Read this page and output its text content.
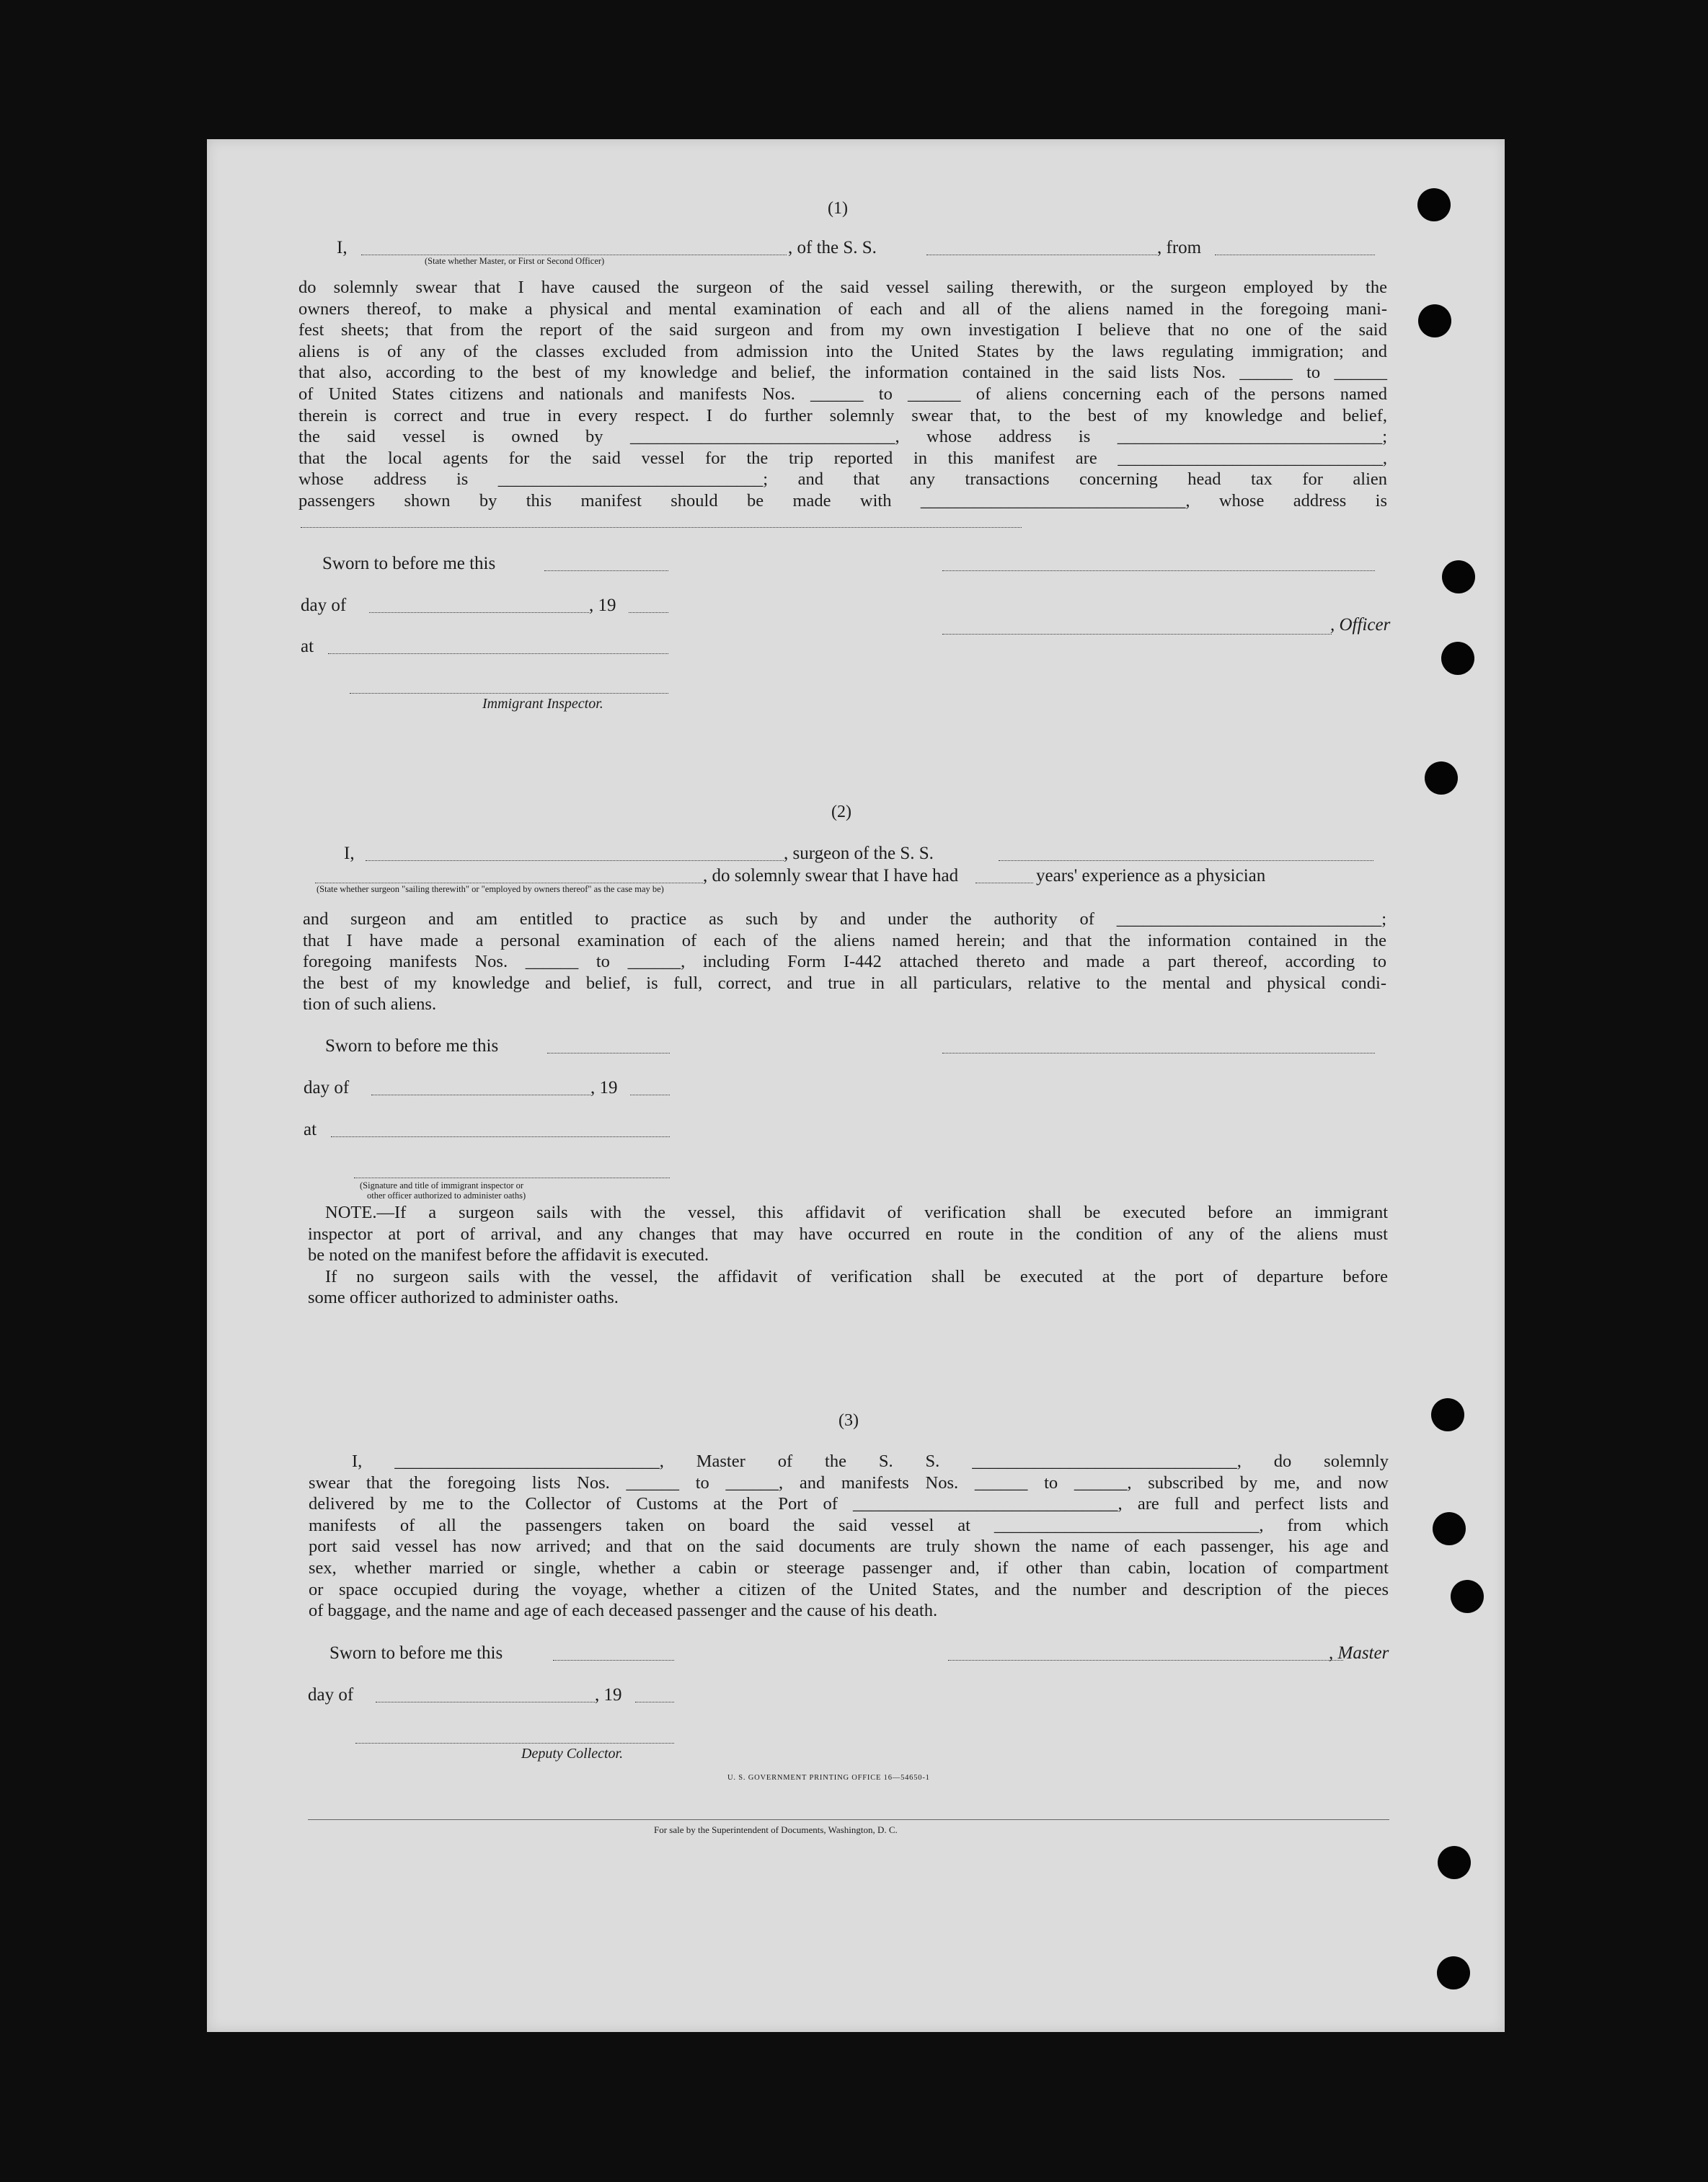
(1)
I,	, of the S. S.	, from
(State whether Master, or First or Second Officer)
do solemnly swear that I have caused the surgeon of the said vessel sailing therewith, or the surgeon employed by the
owners thereof, to make a physical and mental examination of each and all of the aliens named in the foregoing mani-
fest sheets; that from the report of the said surgeon and from my own investigation I believe that no one of the said
aliens is of any of the classes excluded from admission into the United States by the laws regulating immigration; and
that also, according to the best of my knowledge and belief, the information contained in the said lists Nos. ______ to ______
of United States citizens and nationals and manifests Nos. ______ to ______ of aliens concerning each of the persons named
therein is correct and true in every respect. I do further solemnly swear that, to the best of my knowledge and belief,
the said vessel is owned by ______________________________, whose address is ______________________________;
that the local agents for the said vessel for the trip reported in this manifest are ______________________________,
whose address is ______________________________; and that any transactions concerning head tax for alien
passengers shown by this manifest should be made with ______________________________, whose address is
Sworn to before me this
day of	, 19
, Officer
at
Immigrant Inspector.
(2)
I,	, surgeon of the S. S.
, do solemnly swear that I have had	years' experience as a physician
(State whether surgeon "sailing therewith" or "employed by owners thereof" as the case may be)
and surgeon and am entitled to practice as such by and under the authority of ______________________________;
that I have made a personal examination of each of the aliens named herein; and that the information contained in the
foregoing manifests Nos. ______ to ______, including Form I-442 attached thereto and made a part thereof, according to
the best of my knowledge and belief, is full, correct, and true in all particulars, relative to the mental and physical condi-
tion of such aliens.
Sworn to before me this
day of	, 19
at
(Signature and title of immigrant inspector or
other officer authorized to administer oaths)
NOTE.—If a surgeon sails with the vessel, this affidavit of verification shall be executed before an immigrant
inspector at port of arrival, and any changes that may have occurred en route in the condition of any of the aliens must
be noted on the manifest before the affidavit is executed.
If no surgeon sails with the vessel, the affidavit of verification shall be executed at the port of departure before
some officer authorized to administer oaths.
(3)
I, ______________________________, Master of the S. S. ______________________________, do solemnly
swear that the foregoing lists Nos. ______ to ______, and manifests Nos. ______ to ______, subscribed by me, and now
delivered by me to the Collector of Customs at the Port of ______________________________, are full and perfect lists and
manifests of all the passengers taken on board the said vessel at ______________________________, from which
port said vessel has now arrived; and that on the said documents are truly shown the name of each passenger, his age and
sex, whether married or single, whether a cabin or steerage passenger and, if other than cabin, location of compartment
or space occupied during the voyage, whether a citizen of the United States, and the number and description of the pieces
of baggage, and the name and age of each deceased passenger and the cause of his death.
Sworn to before me this	, Master
day of	, 19
Deputy Collector.
U. S. GOVERNMENT PRINTING OFFICE 16—54650-1
For sale by the Superintendent of Documents, Washington, D. C.
